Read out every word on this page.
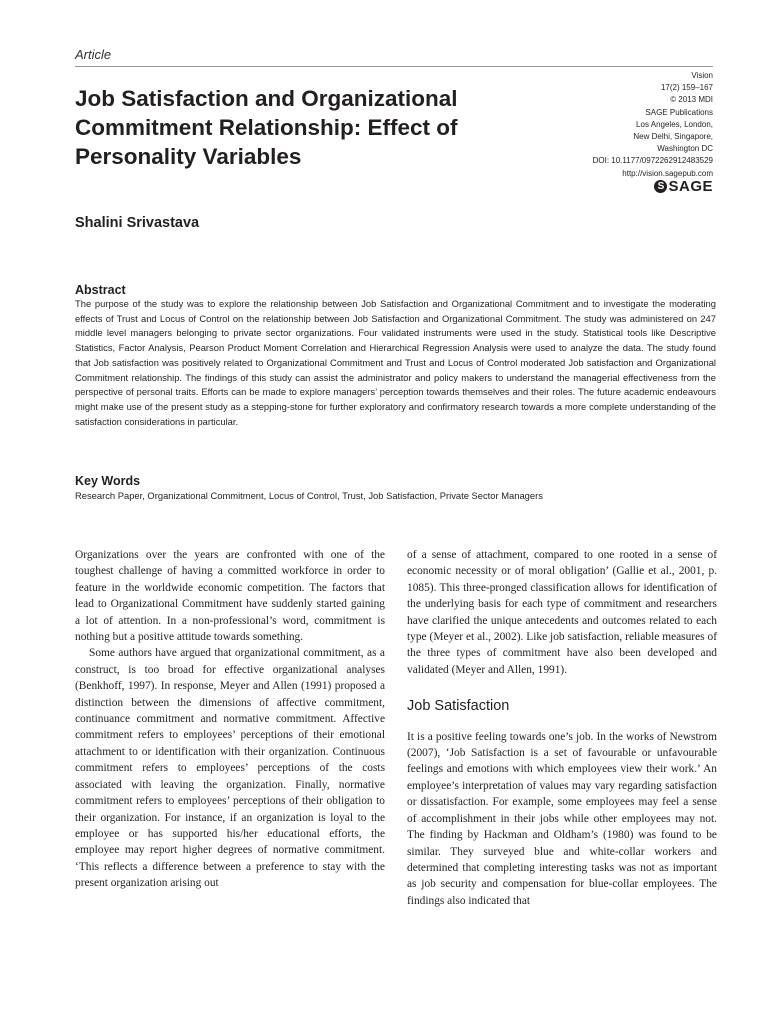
Article
Job Satisfaction and Organizational Commitment Relationship: Effect of Personality Variables
Vision
17(2) 159–167
© 2013 MDI
SAGE Publications
Los Angeles, London,
New Delhi, Singapore,
Washington DC
DOI: 10.1177/0972262912483529
http://vision.sagepub.com
S SAGE
Shalini Srivastava
Abstract

The purpose of the study was to explore the relationship between Job Satisfaction and Organizational Commitment and to investigate the moderating effects of Trust and Locus of Control on the relationship between Job Satisfaction and Organizational Commitment. The study was administered on 247 middle level managers belonging to private sector organizations. Four validated instruments were used in the study. Statistical tools like Descriptive Statistics, Factor Analysis, Pearson Product Moment Correlation and Hierarchical Regression Analysis were used to analyze the data. The study found that Job satisfaction was positively related to Organizational Commitment and Trust and Locus of Control moderated Job satisfaction and Organizational Commitment relationship. The findings of this study can assist the administrator and policy makers to understand the managerial effectiveness from the perspective of personal traits. Efforts can be made to explore managers’ perception towards themselves and their roles. The future academic endeavours might make use of the present study as a stepping-stone for further exploratory and confirmatory research towards a more complete understanding of the satisfaction considerations in particular.

Key Words
Research Paper, Organizational Commitment, Locus of Control, Trust, Job Satisfaction, Private Sector Managers

Organizations over the years are confronted with one of the toughest challenge of having a committed workforce in order to feature in the worldwide economic competition. The factors that lead to Organizational Commitment have suddenly started gaining a lot of attention. In a non-professional’s word, commitment is nothing but a positive attitude towards something.

Some authors have argued that organizational commitment, as a construct, is too broad for effective organizational analyses (Benkhoff, 1997). In response, Meyer and Allen (1991) proposed a distinction between the dimensions of affective commitment, continuance commitment and normative commitment. Affective commitment refers to employees’ perceptions of their emotional attachment to or identification with their organization. Continuous commitment refers to employees’ perceptions of the costs associated with leaving the organization. Finally, normative commitment refers to employees’ perceptions of their obligation to their organization. For instance, if an organization is loyal to the employee or has supported his/her educational efforts, the employee may report higher degrees of normative commitment. ‘This reflects a difference between a preference to stay with the present organization arising out

of a sense of attachment, compared to one rooted in a sense of economic necessity or of moral obligation’ (Gallie et al., 2001, p. 1085). This three-pronged classification allows for identification of the underlying basis for each type of commitment and researchers have clarified the unique antecedents and outcomes related to each type (Meyer et al., 2002). Like job satisfaction, reliable measures of the three types of commitment have also been developed and validated (Meyer and Allen, 1991).

Job Satisfaction

It is a positive feeling towards one’s job. In the works of Newstrom (2007), ‘Job Satisfaction is a set of favourable or unfavourable feelings and emotions with which employees view their work.’ An employee’s interpretation of values may vary regarding satisfaction or dissatisfaction. For example, some employees may feel a sense of accomplishment in their jobs while other employees may not. The finding by Hackman and Oldham’s (1980) was found to be similar. They surveyed blue and white-collar workers and determined that completing interesting tasks was not as important as job security and compensation for blue-collar employees. The findings also indicated that
